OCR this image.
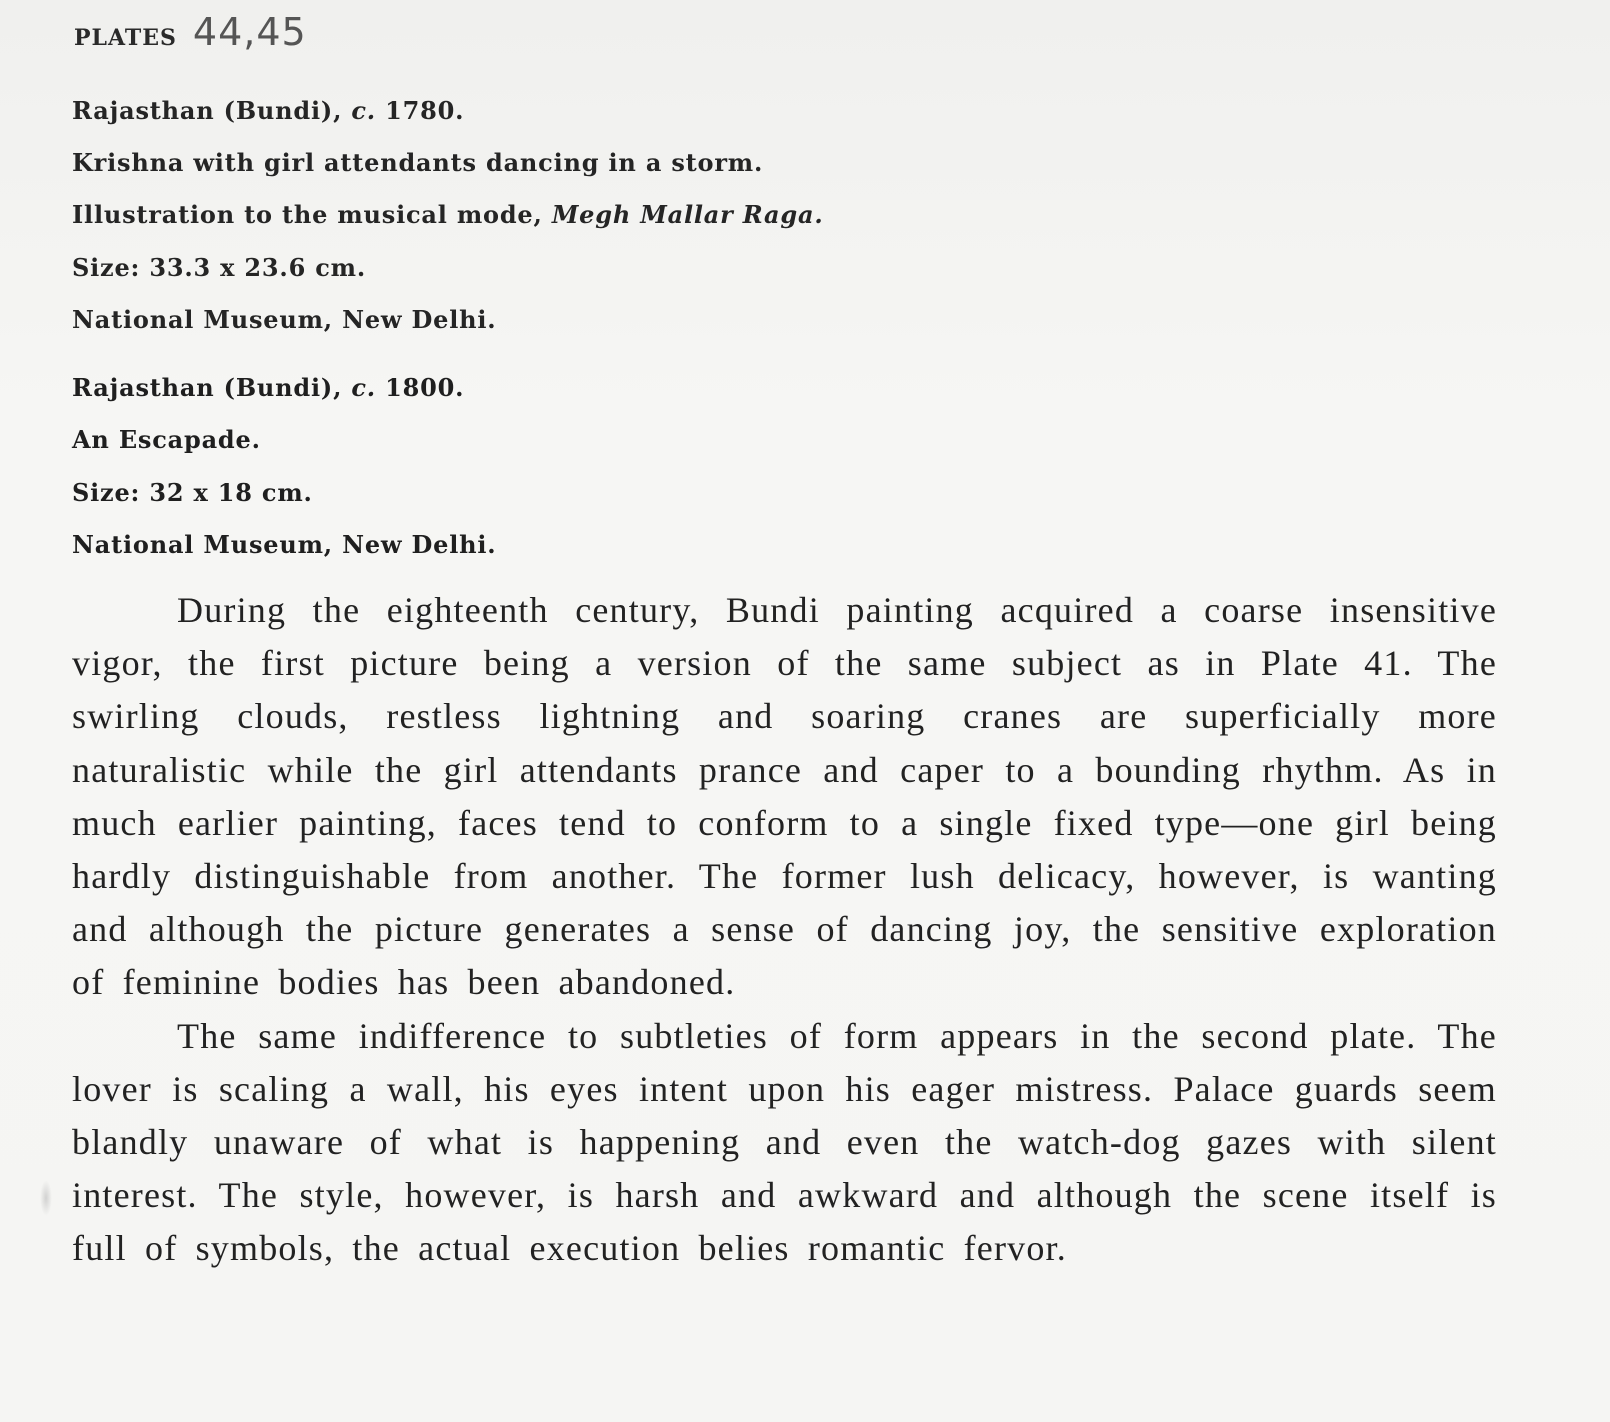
PLATES 44,45
Rajasthan (Bundi), c. 1780.
Krishna with girl attendants dancing in a storm.
Illustration to the musical mode, Megh Mallar Raga.
Size: 33.3 x 23.6 cm.
National Museum, New Delhi.
Rajasthan (Bundi), c. 1800.
An Escapade.
Size: 32 x 18 cm.
National Museum, New Delhi.

During the eighteenth century, Bundi painting acquired a coarse insensitive vigor, the first picture being a version of the same subject as in Plate 41. The swirling clouds, restless lightning and soaring cranes are superficially more naturalistic while the girl attendants prance and caper to a bounding rhythm. As in much earlier painting, faces tend to conform to a single fixed type—one girl being hardly distinguishable from another. The former lush delicacy, however, is wanting and although the picture generates a sense of dancing joy, the sensitive exploration of feminine bodies has been abandoned.

The same indifference to subtleties of form appears in the second plate. The lover is scaling a wall, his eyes intent upon his eager mistress. Palace guards seem blandly unaware of what is happening and even the watch-dog gazes with silent interest. The style, however, is harsh and awkward and although the scene itself is full of symbols, the actual execution belies romantic fervor.
